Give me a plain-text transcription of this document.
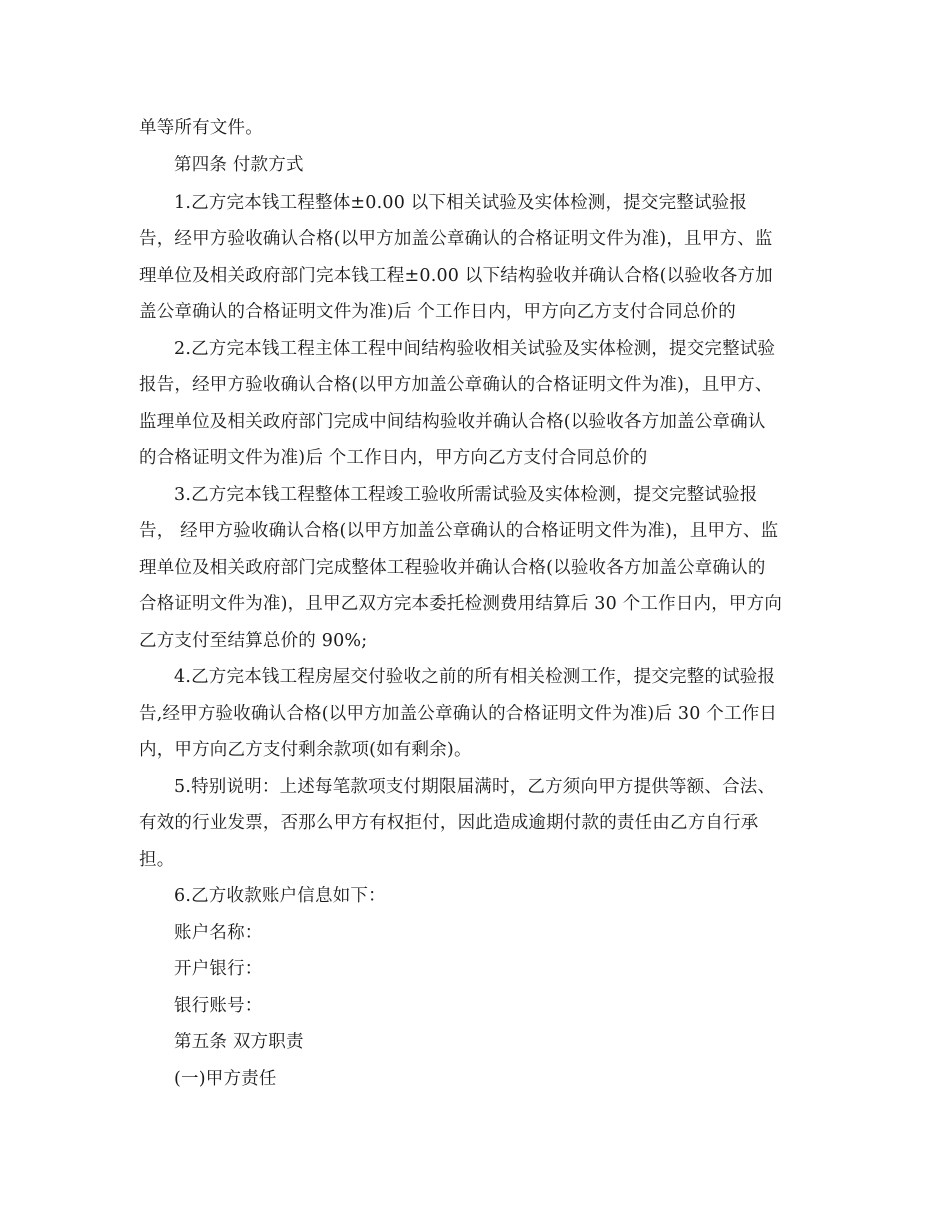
单等所有文件。
第四条 付款方式
1.乙方完本钱工程整体±0.00 以下相关试验及实体检测，提交完整试验报
告，经甲方验收确认合格(以甲方加盖公章确认的合格证明文件为准)，且甲方、监
理单位及相关政府部门完本钱工程±0.00 以下结构验收并确认合格(以验收各方加
盖公章确认的合格证明文件为准)后 个工作日内，甲方向乙方支付合同总价的
2.乙方完本钱工程主体工程中间结构验收相关试验及实体检测，提交完整试验
报告，经甲方验收确认合格(以甲方加盖公章确认的合格证明文件为准)，且甲方、
监理单位及相关政府部门完成中间结构验收并确认合格(以验收各方加盖公章确认
的合格证明文件为准)后 个工作日内，甲方向乙方支付合同总价的
3.乙方完本钱工程整体工程竣工验收所需试验及实体检测，提交完整试验报
告， 经甲方验收确认合格(以甲方加盖公章确认的合格证明文件为准)，且甲方、监
理单位及相关政府部门完成整体工程验收并确认合格(以验收各方加盖公章确认的
合格证明文件为准)，且甲乙双方完本委托检测费用结算后 30 个工作日内，甲方向
乙方支付至结算总价的 90%;
4.乙方完本钱工程房屋交付验收之前的所有相关检测工作，提交完整的试验报
告,经甲方验收确认合格(以甲方加盖公章确认的合格证明文件为准)后 30 个工作日
内，甲方向乙方支付剩余款项(如有剩余)。
5.特别说明：上述每笔款项支付期限届满时，乙方须向甲方提供等额、合法、
有效的行业发票，否那么甲方有权拒付，因此造成逾期付款的责任由乙方自行承
担。
6.乙方收款账户信息如下：
账户名称：
开户银行：
银行账号：
第五条 双方职责
(一)甲方责任
